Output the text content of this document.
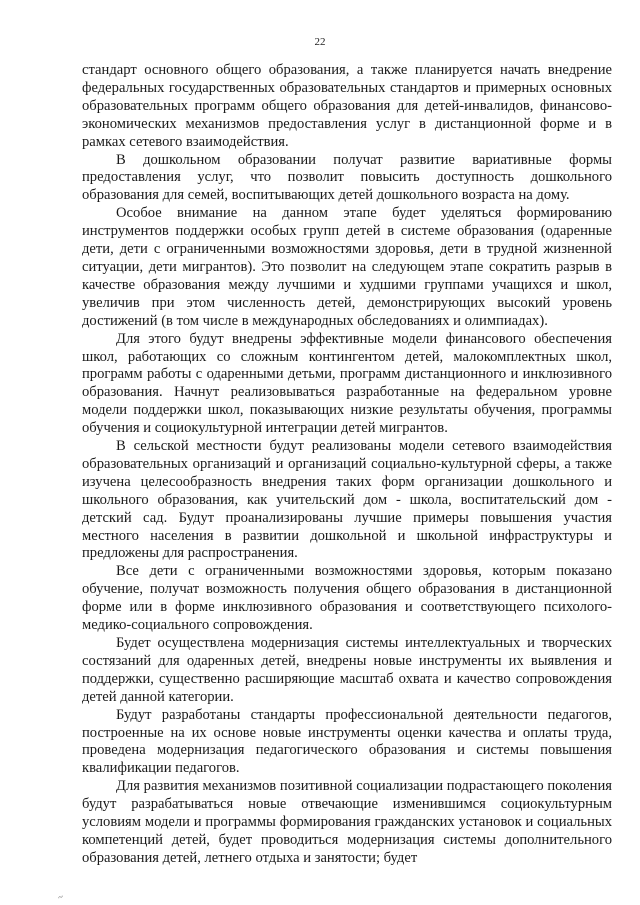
22

стандарт основного общего образования, а также планируется начать внедрение федеральных государственных образовательных стандартов и примерных основных образовательных программ общего образования для детей-инвалидов, финансово-экономических механизмов предоставления услуг в дистанционной форме и в рамках сетевого взаимодействия.

В дошкольном образовании получат развитие вариативные формы предоставления услуг, что позволит повысить доступность дошкольного образования для семей, воспитывающих детей дошкольного возраста на дому.

Особое внимание на данном этапе будет уделяться формированию инструментов поддержки особых групп детей в системе образования (одаренные дети, дети с ограниченными возможностями здоровья, дети в трудной жизненной ситуации, дети мигрантов). Это позволит на следующем этапе сократить разрыв в качестве образования между лучшими и худшими группами учащихся и школ, увеличив при этом численность детей, демонстрирующих высокий уровень достижений (в том числе в международных обследованиях и олимпиадах).

Для этого будут внедрены эффективные модели финансового обеспечения школ, работающих со сложным контингентом детей, малокомплектных школ, программ работы с одаренными детьми, программ дистанционного и инклюзивного образования. Начнут реализовываться разработанные на федеральном уровне модели поддержки школ, показывающих низкие результаты обучения, программы обучения и социокультурной интеграции детей мигрантов.

В сельской местности будут реализованы модели сетевого взаимодействия образовательных организаций и организаций социально-культурной сферы, а также изучена целесообразность внедрения таких форм организации дошкольного и школьного образования, как учительский дом - школа, воспитательский дом - детский сад. Будут проанализированы лучшие примеры повышения участия местного населения в развитии дошкольной и школьной инфраструктуры и предложены для распространения.

Все дети с ограниченными возможностями здоровья, которым показано обучение, получат возможность получения общего образования в дистанционной форме или в форме инклюзивного образования и соответствующего психолого-медико-социального сопровождения.

Будет осуществлена модернизация системы интеллектуальных и творческих состязаний для одаренных детей, внедрены новые инструменты их выявления и поддержки, существенно расширяющие масштаб охвата и качество сопровождения детей данной категории.

Будут разработаны стандарты профессиональной деятельности педагогов, построенные на их основе новые инструменты оценки качества и оплаты труда, проведена модернизация педагогического образования и системы повышения квалификации педагогов.

Для развития механизмов позитивной социализации подрастающего поколения будут разрабатываться новые отвечающие изменившимся социокультурным условиям модели и программы формирования гражданских установок и социальных компетенций детей, будет проводиться модернизация системы дополнительного образования детей, летнего отдыха и занятости; будет

~
